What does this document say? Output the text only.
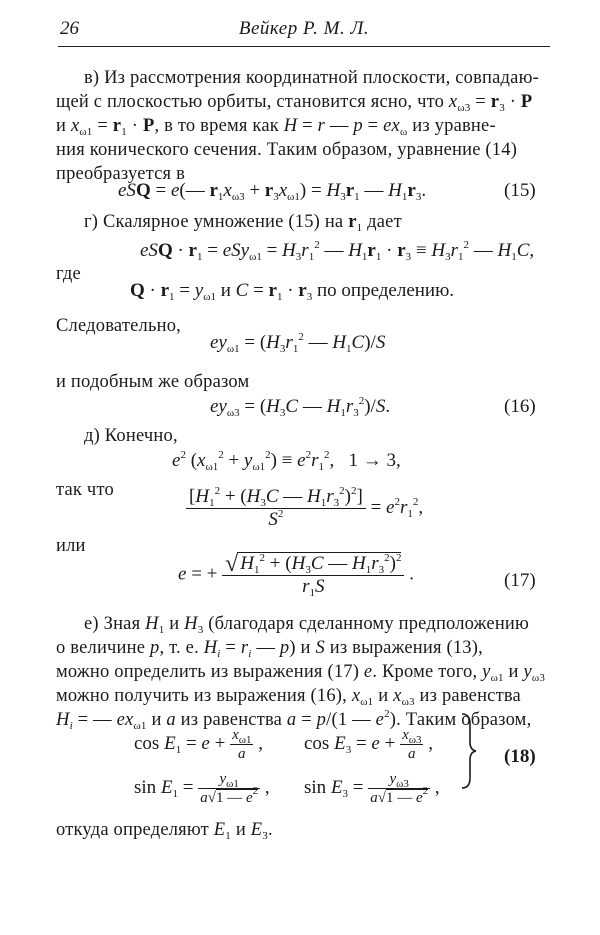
26	Вейкер Р. М. Л.
в) Из рассмотрения координатной плоскости, совпадаю-
щей с плоскостью орбиты, становится ясно, что $x_{\omega 3} = r_3 \cdot P$
и $x_{\omega 1} = r_1 \cdot P$, в то время как H = r — $p = ex_\omega$ из уравне-
ния конического сечения. Таким образом, уравнение (14)
преобразуется в
eSQ = e(— $r_1x_{\omega 3} + r_3x_{\omega 1}) = H_3r_1$ — $H_1r_3$.	(15)
г) Скалярное умножение (15) на $r_1$ дает
eSQ · $r_1 = eSy_{\omega 1} = H_3r_1^2$ — $H_1r_1 \cdot r_3 \equiv H_3r_1^2$ — $H_1C$,
где
$Q \cdot r_1 = y_{\omega 1}$ и $C = r_1 \cdot r_3$ по определению.
Следовательно,
$ey_{\omega 1} = (H_3r_1^2$ — $H_1C)/S$
и подобным же образом
$ey_{\omega 3} = (H_3C$ — $H_1r_3^2)/S$.	(16)
д) Конечно,
$e^2$ $(x_{\omega 1}^2 + y_{\omega 1}^2) \equiv e^2r_1^2$,   1 → 3,
так что	$\frac{[H_1^2 + (H_3C — H_1r_3^2)^2]}{S^2} = e^2r_1^2$,
или
e = + $\frac{√ H_1^2 + (H_3C — H_1r_3^2)^2}{r_1S}$ .	(17)
е) Зная $H_1$ и $H_3$ (благодаря сделанному предположению
о величине p, т. е. $H_i = r_i$ — p) и S из выражения (13),
можно определить из выражения (17) e. Кроме того, $y_{\omega 1}$ и $y_{\omega 3}$
можно получить из выражения (16), $x_{\omega 1}$ и $x_{\omega 3}$ из равенства
$H_i$ = — $ex_{\omega 1}$ и a из равенства a = p/(1 — $e^2$). Таким образом,
$\cos E_1 = e + \frac{x_{\omega 1}}{a}$ , $\cos E_3 = e + \frac{x_{\omega 3}}{a}$ ,
$\sin E_1 = \frac{y_{\omega 1}}{a√1 — e^2}$ , $\sin E_3 = \frac{y_{\omega 3}}{a√1 — e^2}$ ,
(18)
откуда определяют $E_1$ и $E_3$.
